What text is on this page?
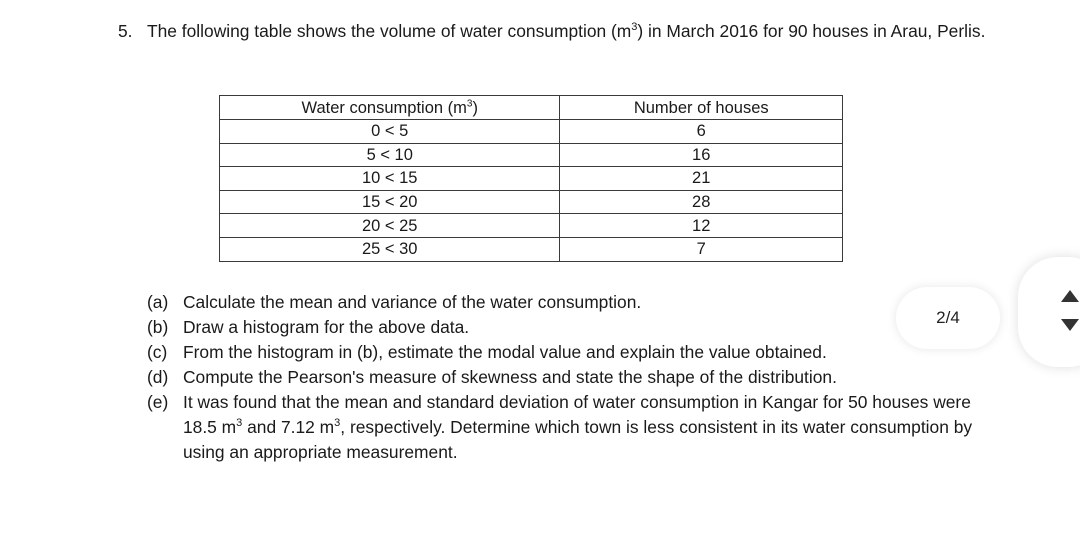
5. The following table shows the volume of water consumption $(m^3)$ in March 2016 for 90 houses in Arau, Perlis.
Water consumption $(m^3)$	Number of houses
0 < 5	6
5 < 10	16
10 < 15	21
15 < 20	28
20 < 25	12
25 < 30	7
(a) Calculate the mean and variance of the water consumption.
(b) Draw a histogram for the above data.
(c) From the histogram in (b), estimate the modal value and explain the value obtained.
(d) Compute the Pearson's measure of skewness and state the shape of the distribution.
(e) It was found that the mean and standard deviation of water consumption in Kangar for 50 houses were 18.5 $m^3$ and 7.12 $m^3$, respectively. Determine which town is less consistent in its water consumption by using an appropriate measurement.
2/4
